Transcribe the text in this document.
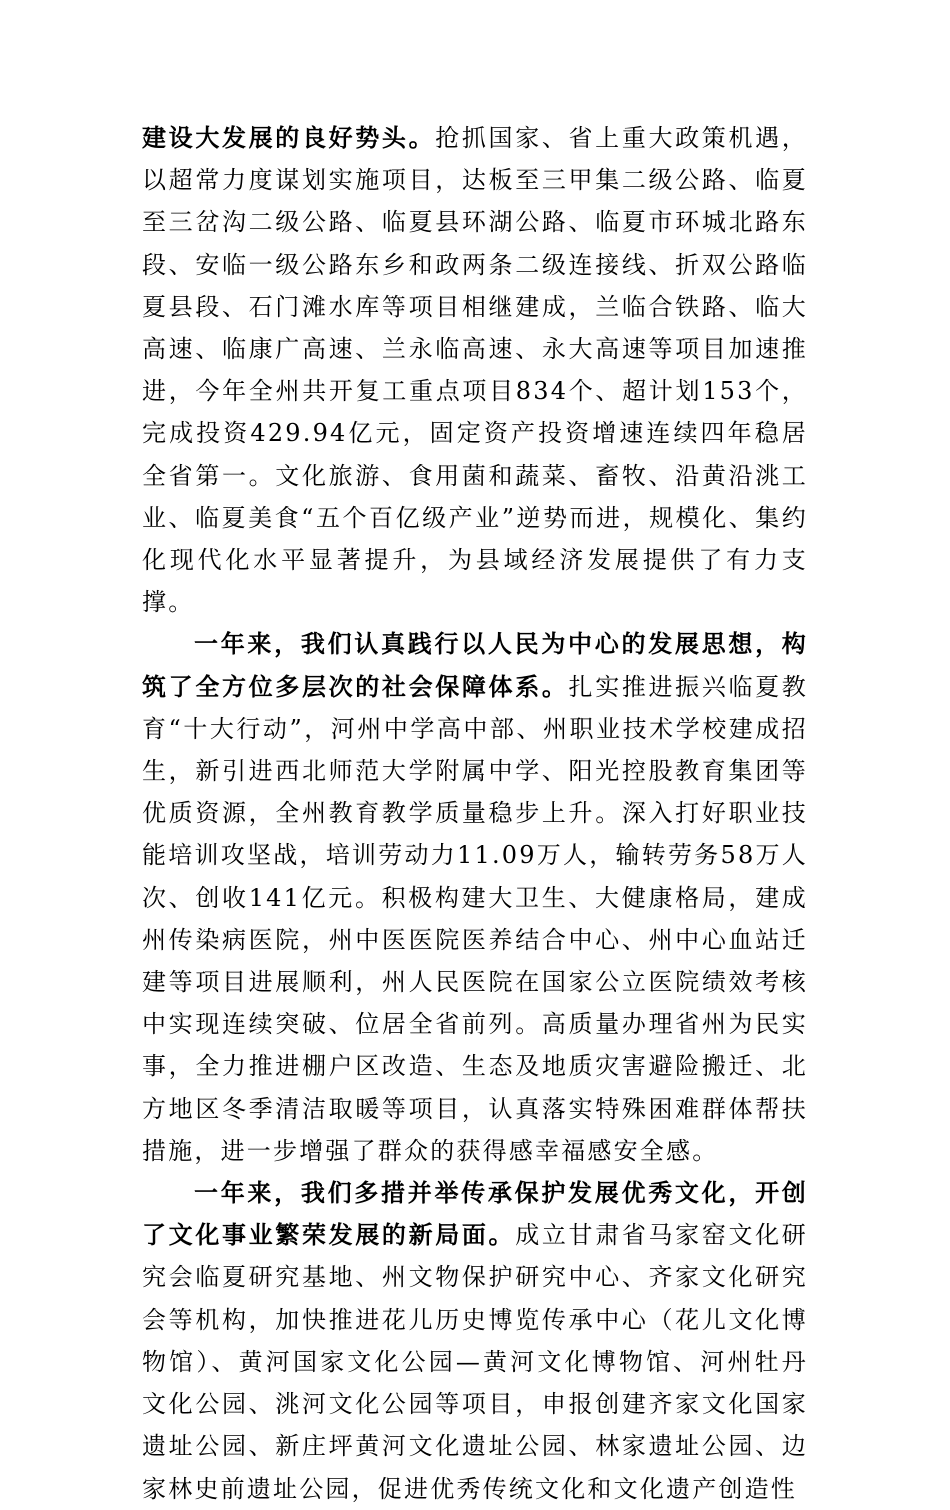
建设大发展的良好势头。抢抓国家、省上重大政策机遇，以超常力度谋划实施项目，达板至三甲集二级公路、临夏至三岔沟二级公路、临夏县环湖公路、临夏市环城北路东段、安临一级公路东乡和政两条二级连接线、折双公路临夏县段、石门滩水库等项目相继建成，兰临合铁路、临大高速、临康广高速、兰永临高速、永大高速等项目加速推进，今年全州共开复工重点项目834个、超计划153个，完成投资429.94亿元，固定资产投资增速连续四年稳居全省第一。文化旅游、食用菌和蔬菜、畜牧、沿黄沿洮工业、临夏美食“五个百亿级产业”逆势而进，规模化、集约化现代化水平显著提升，为县域经济发展提供了有力支撑。

一年来，我们认真践行以人民为中心的发展思想，构筑了全方位多层次的社会保障体系。扎实推进振兴临夏教育“十大行动”，河州中学高中部、州职业技术学校建成招生，新引进西北师范大学附属中学、阳光控股教育集团等优质资源，全州教育教学质量稳步上升。深入打好职业技能培训攻坚战，培训劳动力11.09万人，输转劳务58万人次、创收141亿元。积极构建大卫生、大健康格局，建成州传染病医院，州中医医院医养结合中心、州中心血站迁建等项目进展顺利，州人民医院在国家公立医院绩效考核中实现连续突破、位居全省前列。高质量办理省州为民实事，全力推进棚户区改造、生态及地质灾害避险搬迁、北方地区冬季清洁取暖等项目，认真落实特殊困难群体帮扶措施，进一步增强了群众的获得感幸福感安全感。

一年来，我们多措并举传承保护发展优秀文化，开创了文化事业繁荣发展的新局面。成立甘肃省马家窑文化研究会临夏研究基地、州文物保护研究中心、齐家文化研究会等机构，加快推进花儿历史博览传承中心（花儿文化博物馆）、黄河国家文化公园—黄河文化博物馆、河州牡丹文化公园、洮河文化公园等项目，申报创建齐家文化国家遗址公园、新庄坪黄河文化遗址公园、林家遗址公园、边家林史前遗址公园，促进优秀传统文化和文化遗产创造性
